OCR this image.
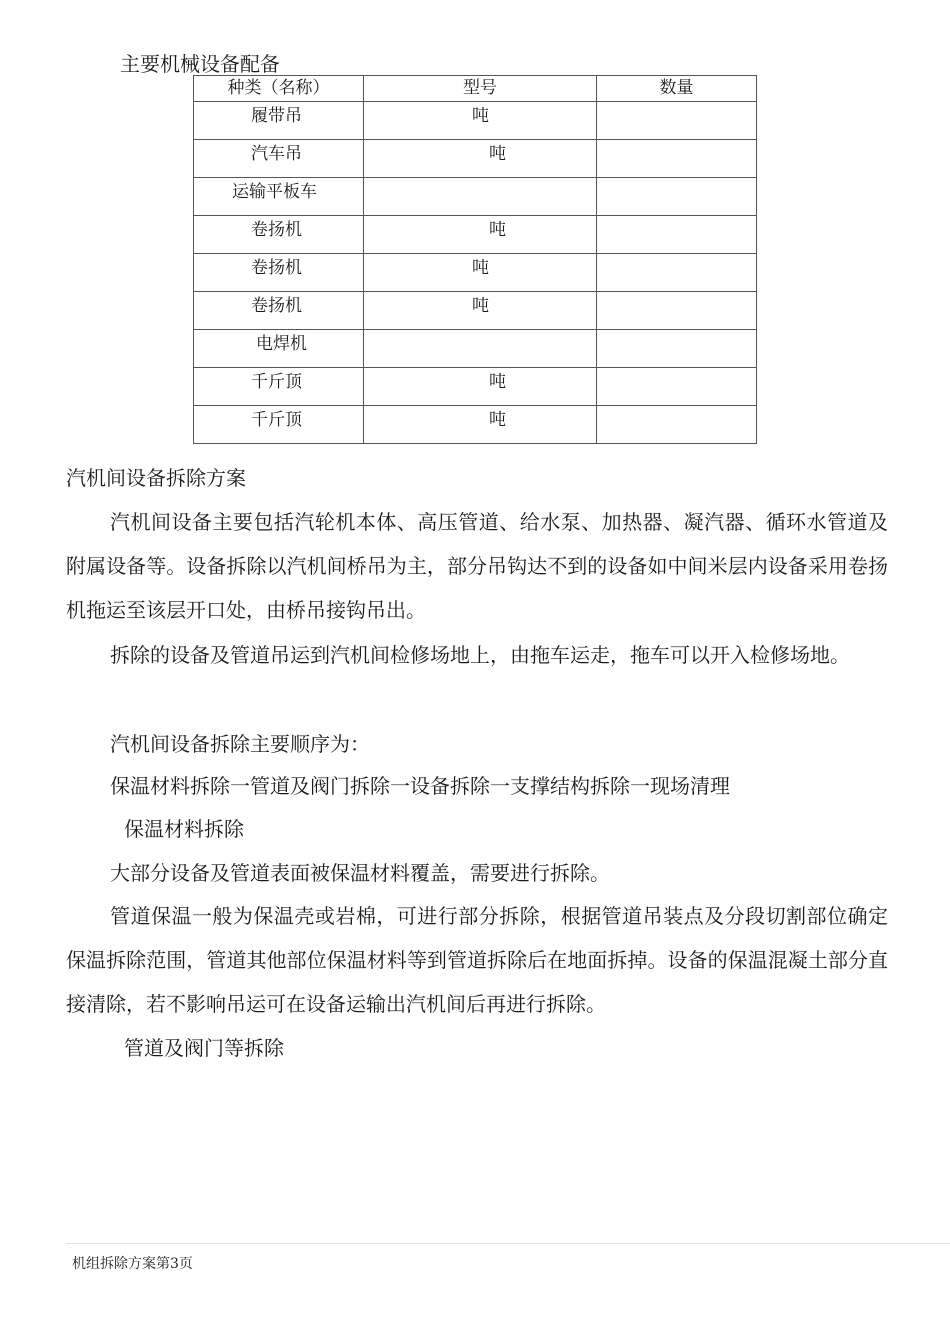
主要机械设备配备
种类（名称）	型号	数量
履带吊	吨	
汽车吊	吨	
运输平板车		
卷扬机	吨	
卷扬机	吨	
卷扬机	吨	
电焊机		
千斤顶	吨	
千斤顶	吨	
汽机间设备拆除方案

汽机间设备主要包括汽轮机本体、高压管道、给水泵、加热器、凝汽器、循环水管道及附属设备等。设备拆除以汽机间桥吊为主，部分吊钩达不到的设备如中间米层内设备采用卷扬机拖运至该层开口处，由桥吊接钩吊出。

拆除的设备及管道吊运到汽机间检修场地上，由拖车运走，拖车可以开入检修场地。

汽机间设备拆除主要顺序为：
保温材料拆除一管道及阀门拆除一设备拆除一支撑结构拆除一现场清理
保温材料拆除
大部分设备及管道表面被保温材料覆盖，需要进行拆除。

管道保温一般为保温壳或岩棉，可进行部分拆除，根据管道吊装点及分段切割部位确定保温拆除范围，管道其他部位保温材料等到管道拆除后在地面拆掉。设备的保温混凝土部分直接清除，若不影响吊运可在设备运输出汽机间后再进行拆除。

管道及阀门等拆除
机组拆除方案第3页
